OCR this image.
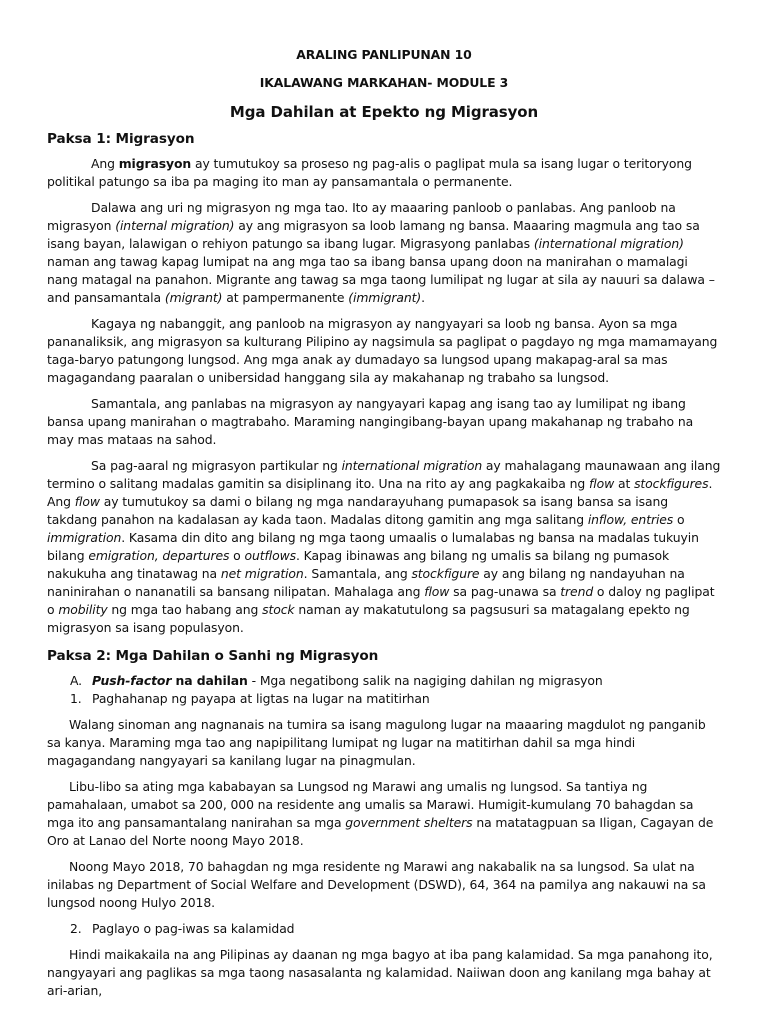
ARALING PANLIPUNAN 10
IKALAWANG MARKAHAN- MODULE 3
Mga Dahilan at Epekto ng Migrasyon
Paksa 1: Migrasyon

Ang migrasyon ay tumutukoy sa proseso ng pag-alis o paglipat mula sa isang lugar o teritoryong politikal patungo sa iba pa maging ito man ay pansamantala o permanente.

Dalawa ang uri ng migrasyon ng mga tao. Ito ay maaaring panloob o panlabas. Ang panloob na migrasyon (internal migration) ay ang migrasyon sa loob lamang ng bansa. Maaaring magmula ang tao sa isang bayan, lalawigan o rehiyon patungo sa ibang lugar. Migrasyong panlabas (international migration) naman ang tawag kapag lumipat na ang mga tao sa ibang bansa upang doon na manirahan o mamalagi nang matagal na panahon. Migrante ang tawag sa mga taong lumilipat ng lugar at sila ay nauuri sa dalawa – and pansamantala (migrant) at pampermanente (immigrant).

Kagaya ng nabanggit, ang panloob na migrasyon ay nangyayari sa loob ng bansa. Ayon sa mga pananaliksik, ang migrasyon sa kulturang Pilipino ay nagsimula sa paglipat o pagdayo ng mga mamamayang taga-baryo patungong lungsod. Ang mga anak ay dumadayo sa lungsod upang makapag-aral sa mas magagandang paaralan o unibersidad hanggang sila ay makahanap ng trabaho sa lungsod.

Samantala, ang panlabas na migrasyon ay nangyayari kapag ang isang tao ay lumilipat ng ibang bansa upang manirahan o magtrabaho. Maraming nangingibang-bayan upang makahanap ng trabaho na may mas mataas na sahod.

Sa pag-aaral ng migrasyon partikular ng international migration ay mahalagang maunawaan ang ilang termino o salitang madalas gamitin sa disiplinang ito. Una na rito ay ang pagkakaiba ng flow at stockfigures. Ang flow ay tumutukoy sa dami o bilang ng mga nandarayuhang pumapasok sa isang bansa sa isang takdang panahon na kadalasan ay kada taon. Madalas ditong gamitin ang mga salitang inflow, entries o immigration. Kasama din dito ang bilang ng mga taong umaalis o lumalabas ng bansa na madalas tukuyin bilang emigration, departures o outflows. Kapag ibinawas ang bilang ng umalis sa bilang ng pumasok nakukuha ang tinatawag na net migration. Samantala, ang stockfigure ay ang bilang ng nandayuhan na naninirahan o nananatili sa bansang nilipatan. Mahalaga ang flow sa pag-unawa sa trend o daloy ng paglipat o mobility ng mga tao habang ang stock naman ay makatutulong sa pagsusuri sa matagalang epekto ng migrasyon sa isang populasyon.

Paksa 2: Mga Dahilan o Sanhi ng Migrasyon
A. Push-factor na dahilan - Mga negatibong salik na nagiging dahilan ng migrasyon
1. Paghahanap ng payapa at ligtas na lugar na matitirhan

Walang sinoman ang nagnanais na tumira sa isang magulong lugar na maaaring magdulot ng panganib sa kanya. Maraming mga tao ang napipilitang lumipat ng lugar na matitirhan dahil sa mga hindi magagandang nangyayari sa kanilang lugar na pinagmulan.

Libu-libo sa ating mga kababayan sa Lungsod ng Marawi ang umalis ng lungsod. Sa tantiya ng pamahalaan, umabot sa 200, 000 na residente ang umalis sa Marawi. Humigit-kumulang 70 bahagdan sa mga ito ang pansamantalang nanirahan sa mga government shelters na matatagpuan sa Iligan, Cagayan de Oro at Lanao del Norte noong Mayo 2018.

Noong Mayo 2018, 70 bahagdan ng mga residente ng Marawi ang nakabalik na sa lungsod. Sa ulat na inilabas ng Department of Social Welfare and Development (DSWD), 64, 364 na pamilya ang nakauwi na sa lungsod noong Hulyo 2018.

2. Paglayo o pag-iwas sa kalamidad

Hindi maikakaila na ang Pilipinas ay daanan ng mga bagyo at iba pang kalamidad. Sa mga panahong ito, nangyayari ang paglikas sa mga taong nasasalanta ng kalamidad. Naiiwan doon ang kanilang mga bahay at ari-arian,
